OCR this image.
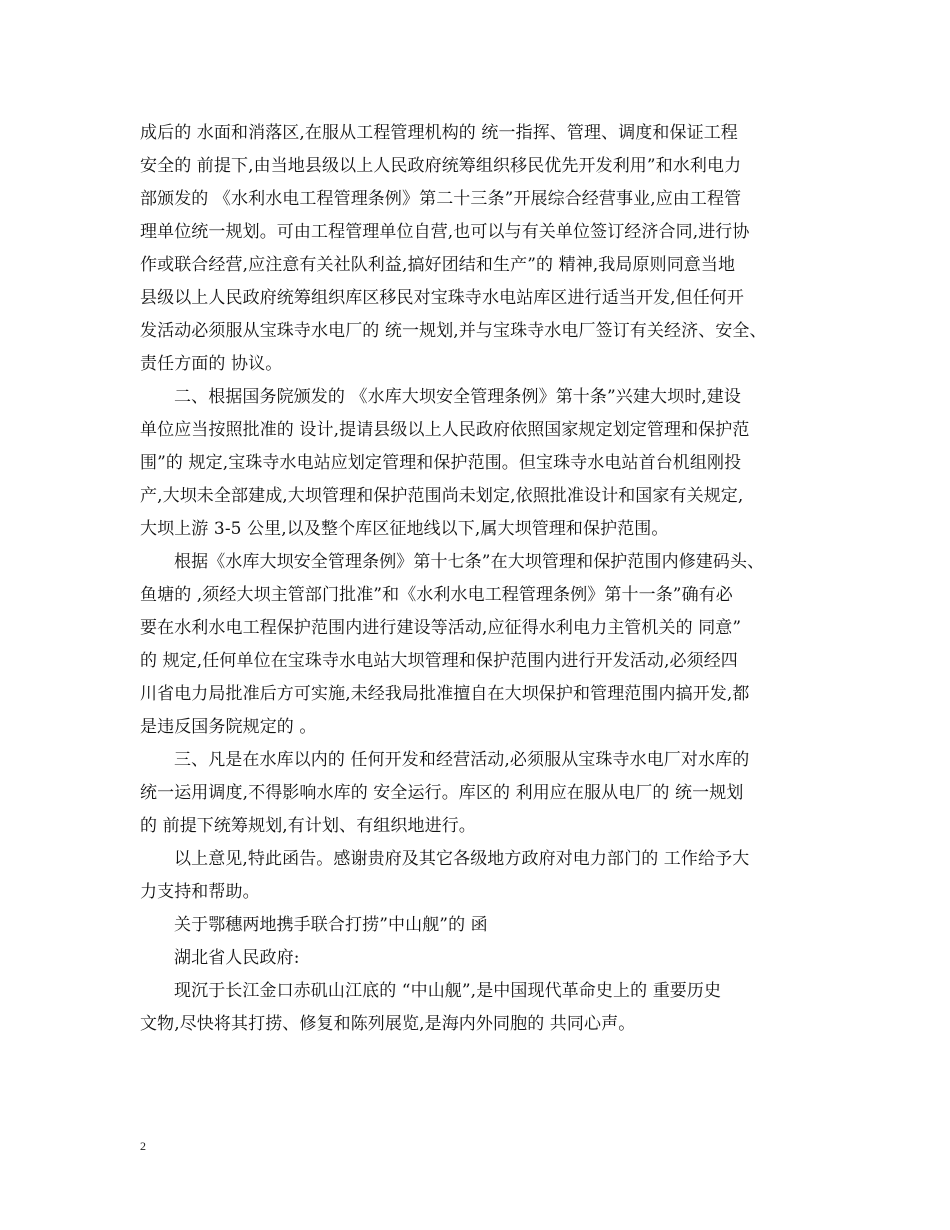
成后的 水面和消落区,在服从工程管理机构的 统一指挥、管理、调度和保证工程
安全的 前提下,由当地县级以上人民政府统筹组织移民优先开发利用”和水利电力
部颁发的 《水利水电工程管理条例》第二十三条”开展综合经营事业,应由工程管
理单位统一规划。可由工程管理单位自营,也可以与有关单位签订经济合同,进行协
作或联合经营,应注意有关社队利益,搞好团结和生产”的 精神,我局原则同意当地
县级以上人民政府统筹组织库区移民对宝珠寺水电站库区进行适当开发,但任何开
发活动必须服从宝珠寺水电厂的 统一规划,并与宝珠寺水电厂签订有关经济、安全、
责任方面的 协议。
二、根据国务院颁发的 《水库大坝安全管理条例》第十条”兴建大坝时,建设
单位应当按照批准的 设计,提请县级以上人民政府依照国家规定划定管理和保护范
围”的 规定,宝珠寺水电站应划定管理和保护范围。但宝珠寺水电站首台机组刚投
产,大坝未全部建成,大坝管理和保护范围尚未划定,依照批准设计和国家有关规定,
大坝上游 3-5 公里,以及整个库区征地线以下,属大坝管理和保护范围。
根据《水库大坝安全管理条例》第十七条”在大坝管理和保护范围内修建码头、
鱼塘的 ,须经大坝主管部门批准”和《水利水电工程管理条例》第十一条”确有必
要在水利水电工程保护范围内进行建设等活动,应征得水利电力主管机关的 同意”
的 规定,任何单位在宝珠寺水电站大坝管理和保护范围内进行开发活动,必须经四
川省电力局批准后方可实施,未经我局批准擅自在大坝保护和管理范围内搞开发,都
是违反国务院规定的 。
三、凡是在水库以内的 任何开发和经营活动,必须服从宝珠寺水电厂对水库的
统一运用调度,不得影响水库的 安全运行。库区的 利用应在服从电厂的 统一规划
的 前提下统筹规划,有计划、有组织地进行。
以上意见,特此函告。感谢贵府及其它各级地方政府对电力部门的 工作给予大
力支持和帮助。
关于鄂穗两地携手联合打捞”中山舰”的 函
湖北省人民政府:
现沉于长江金口赤矶山江底的 “中山舰”,是中国现代革命史上的 重要历史
文物,尽快将其打捞、修复和陈列展览,是海内外同胞的 共同心声。
2
